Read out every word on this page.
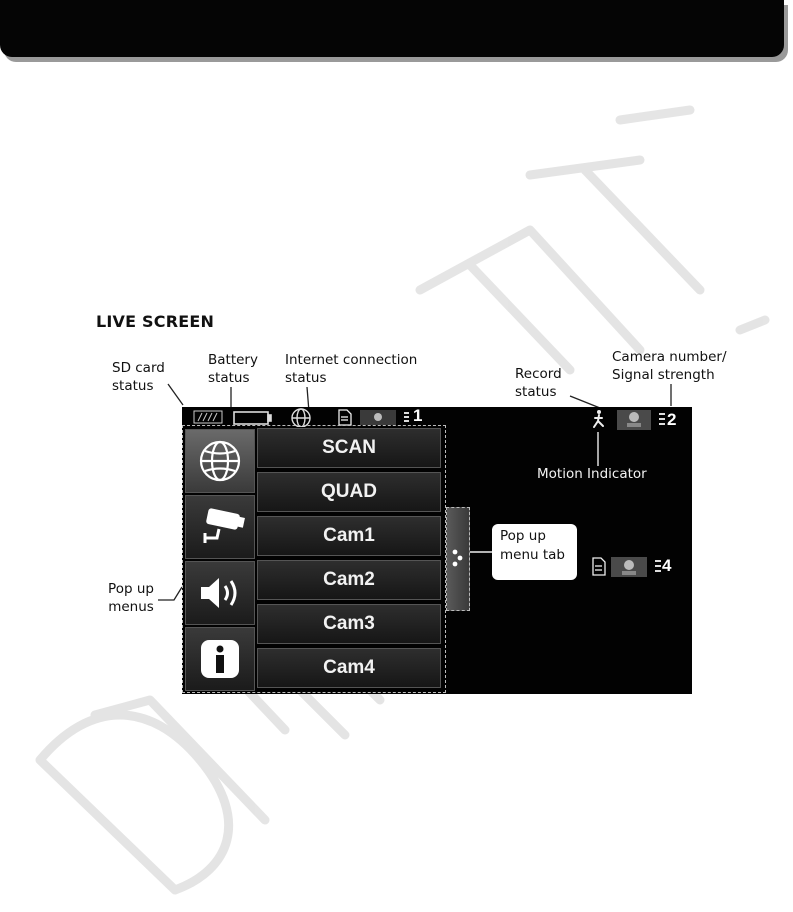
LIVE SCREEN
SD card
status
Battery
status
Internet connection
status	Record
status
Camera number/
Signal strength
Pop up
menus
1	2
Motion Indicator
4
SCAN
QUAD
Cam1
Cam2
Cam3
Cam4
Pop up
menu tab
